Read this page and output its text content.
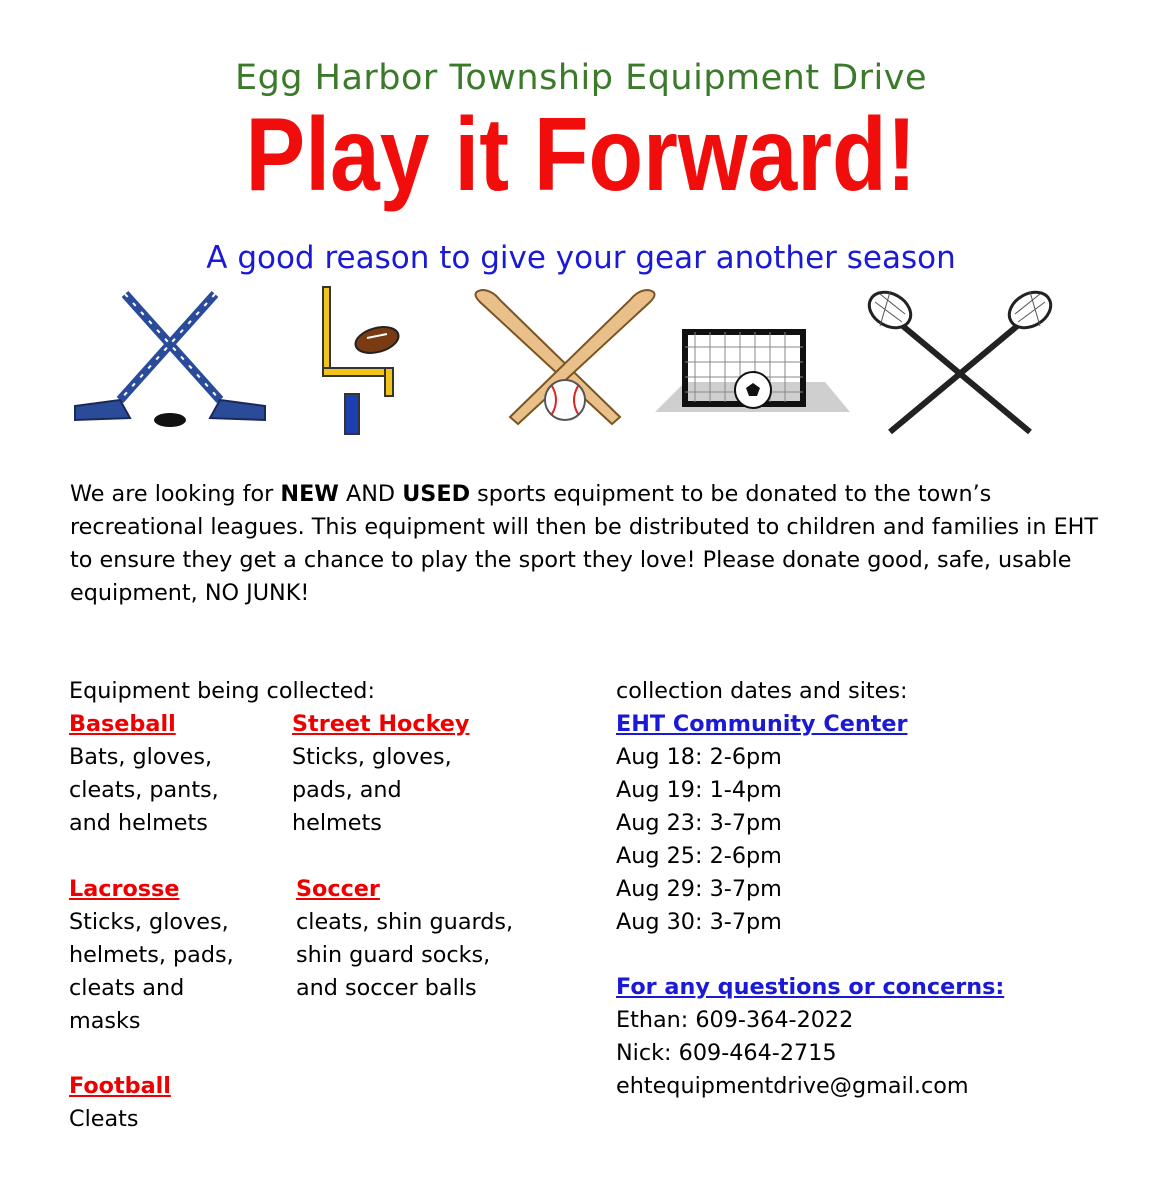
Egg Harbor Township Equipment Drive
Play it Forward!
A good reason to give your gear another season
We are looking for NEW AND USED sports equipment to be donated to the town’s recreational leagues. This equipment will then be distributed to children and families in EHT to ensure they get a chance to play the sport they love! Please donate good, safe, usable equipment, NO JUNK!
Equipment being collected:
Baseball
Bats, gloves,
cleats, pants,
and helmets
Street Hockey
Sticks, gloves,
pads, and
helmets
Lacrosse
Sticks, gloves,
helmets, pads,
cleats and
masks
Soccer
cleats, shin guards,
shin guard socks,
and soccer balls
Football
Cleats
collection dates and sites:
EHT Community Center
Aug 18: 2-6pm
Aug 19: 1-4pm
Aug 23: 3-7pm
Aug 25: 2-6pm
Aug 29: 3-7pm
Aug 30: 3-7pm
For any questions or concerns:
Ethan: 609-364-2022
Nick: 609-464-2715
ehtequipmentdrive@gmail.com
